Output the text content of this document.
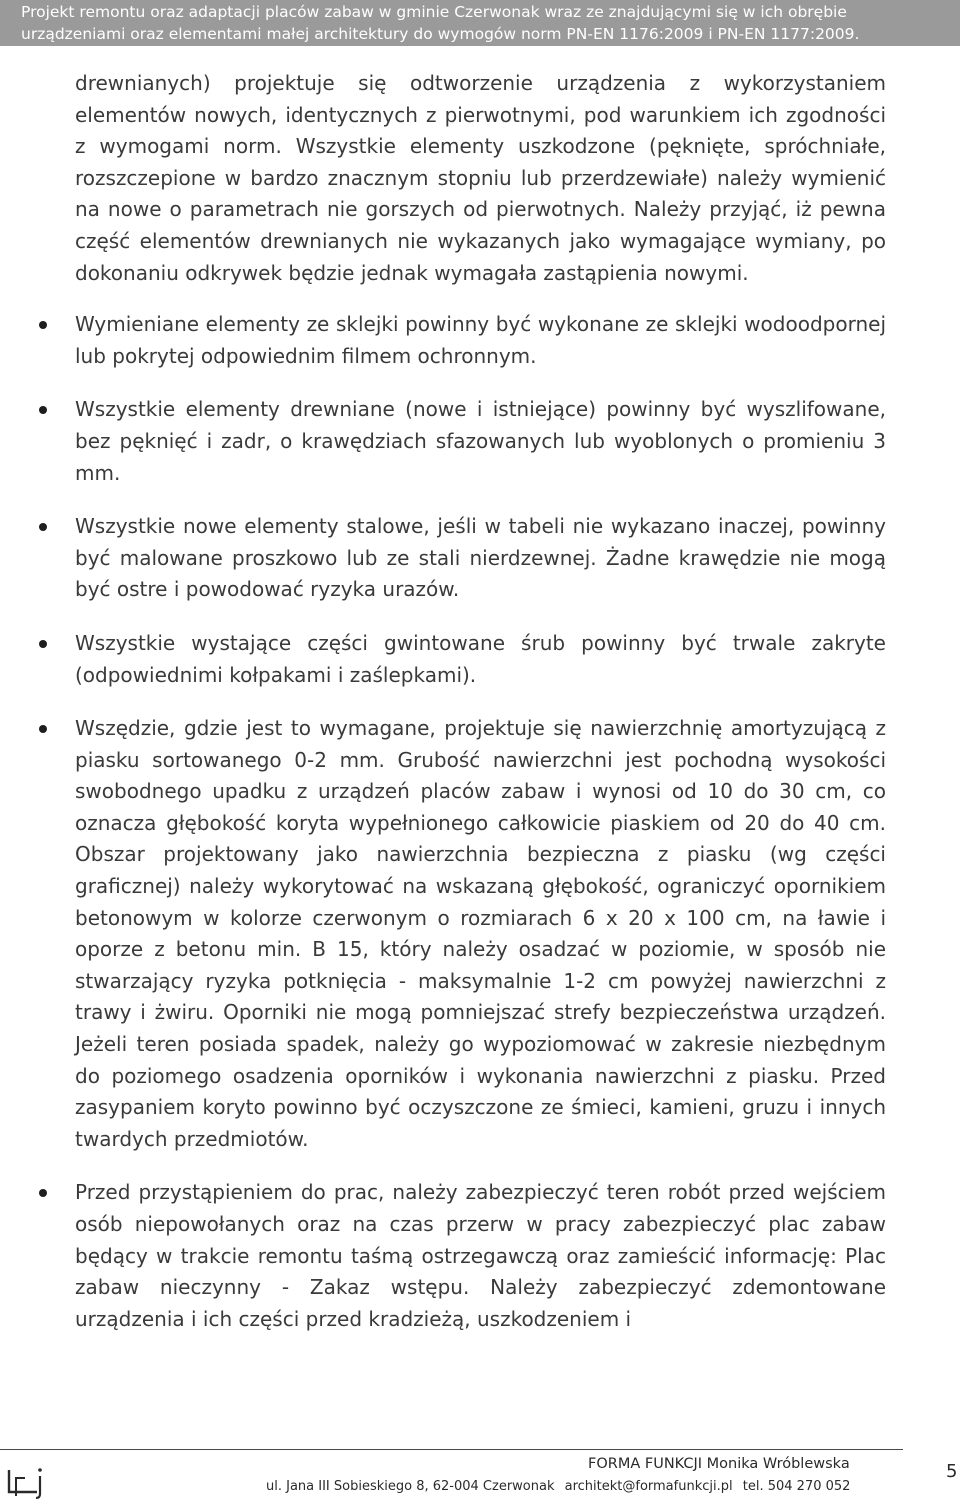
Projekt remontu oraz adaptacji placów zabaw w gminie Czerwonak wraz ze znajdującymi się w ich obrębie
urządzeniami oraz elementami małej architektury do wymogów norm PN-EN 1176:2009 i PN-EN 1177:2009.

drewnianych) projektuje się odtworzenie urządzenia z wykorzystaniem elementów nowych, identycznych z pierwotnymi, pod warunkiem ich zgodności z wymogami norm. Wszystkie elementy uszkodzone (pęknięte, spróchniałe, rozszczepione w bardzo znacznym stopniu lub przerdzewiałe) należy wymienić na nowe o parametrach nie gorszych od pierwotnych. Należy przyjąć, iż pewna część elementów drewnianych nie wykazanych jako wymagające wymiany, po dokonaniu odkrywek będzie jednak wymagała zastąpienia nowymi.

Wymieniane elementy ze sklejki powinny być wykonane ze sklejki wodoodpornej lub pokrytej odpowiednim filmem ochronnym.
Wszystkie elementy drewniane (nowe i istniejące) powinny być wyszlifowane, bez pęknięć i zadr, o krawędziach sfazowanych lub wyoblonych o promieniu 3 mm.
Wszystkie nowe elementy stalowe, jeśli w tabeli nie wykazano inaczej, powinny być malowane proszkowo lub ze stali nierdzewnej. Żadne krawędzie nie mogą być ostre i powodować ryzyka urazów.
Wszystkie wystające części gwintowane śrub powinny być trwale zakryte (odpowiednimi kołpakami i zaślepkami).
Wszędzie, gdzie jest to wymagane, projektuje się nawierzchnię amortyzującą z piasku sortowanego 0-2 mm. Grubość nawierzchni jest pochodną wysokości swobodnego upadku z urządzeń placów zabaw i wynosi od 10 do 30 cm, co oznacza głębokość koryta wypełnionego całkowicie piaskiem od 20 do 40 cm. Obszar projektowany jako nawierzchnia bezpieczna z piasku (wg części graficznej) należy wykorytować na wskazaną głębokość, ograniczyć opornikiem betonowym w kolorze czerwonym o rozmiarach 6 x 20 x 100 cm, na ławie i oporze z betonu min. B 15, który należy osadzać w poziomie, w sposób nie stwarzający ryzyka potknięcia - maksymalnie 1-2 cm powyżej nawierzchni z trawy i żwiru. Oporniki nie mogą pomniejszać strefy bezpieczeństwa urządzeń. Jeżeli teren posiada spadek, należy go wypoziomować w zakresie niezbędnym do poziomego osadzenia oporników i wykonania nawierzchni z piasku. Przed zasypaniem koryto powinno być oczyszczone ze śmieci, kamieni, gruzu i innych twardych przedmiotów.
Przed przystąpieniem do prac, należy zabezpieczyć teren robót przed wejściem osób niepowołanych oraz na czas przerw w pracy zabezpieczyć plac zabaw będący w trakcie remontu taśmą ostrzegawczą oraz zamieścić informację: Plac zabaw nieczynny - Zakaz wstępu. Należy zabezpieczyć zdemontowane urządzenia i ich części przed kradzieżą, uszkodzeniem i
FORMA FUNKCJI Monika Wróblewska
ul. Jana III Sobieskiego 8, 62-004 Czerwonak architekt@formafunkcji.pl tel. 504 270 052
5
